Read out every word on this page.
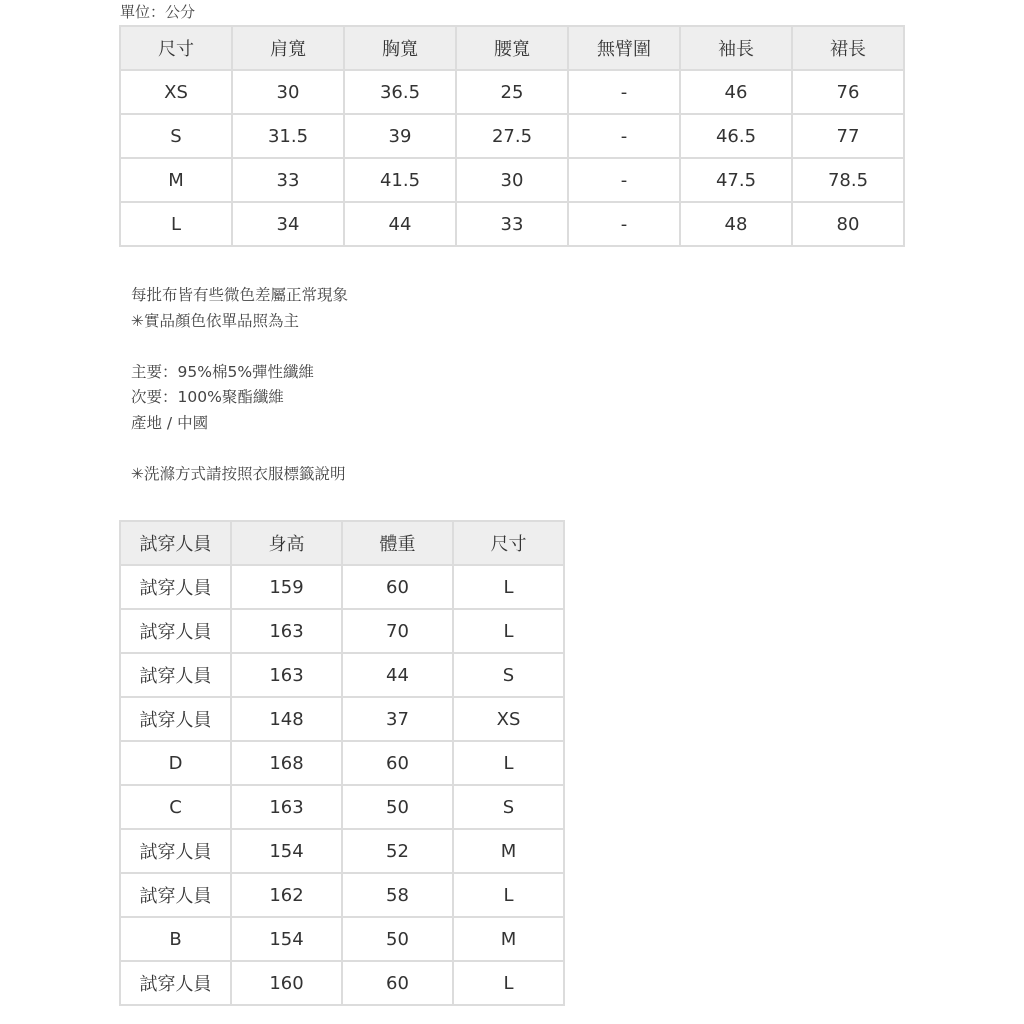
單位：公分
尺寸	肩寬	胸寬	腰寬	無臂圍	袖長	裙長
XS	30	36.5	25	-	46	76
S	31.5	39	27.5	-	46.5	77
M	33	41.5	30	-	47.5	78.5
L	34	44	33	-	48	80
每批布皆有些微色差屬正常現象
✳實品顏色依單品照為主
主要：95%棉5%彈性纖維
次要：100%聚酯纖維
產地 / 中國
✳洗滌方式請按照衣服標籤說明
試穿人員	身高	體重	尺寸
試穿人員	159	60	L
試穿人員	163	70	L
試穿人員	163	44	S
試穿人員	148	37	XS
D	168	60	L
C	163	50	S
試穿人員	154	52	M
試穿人員	162	58	L
B	154	50	M
試穿人員	160	60	L
